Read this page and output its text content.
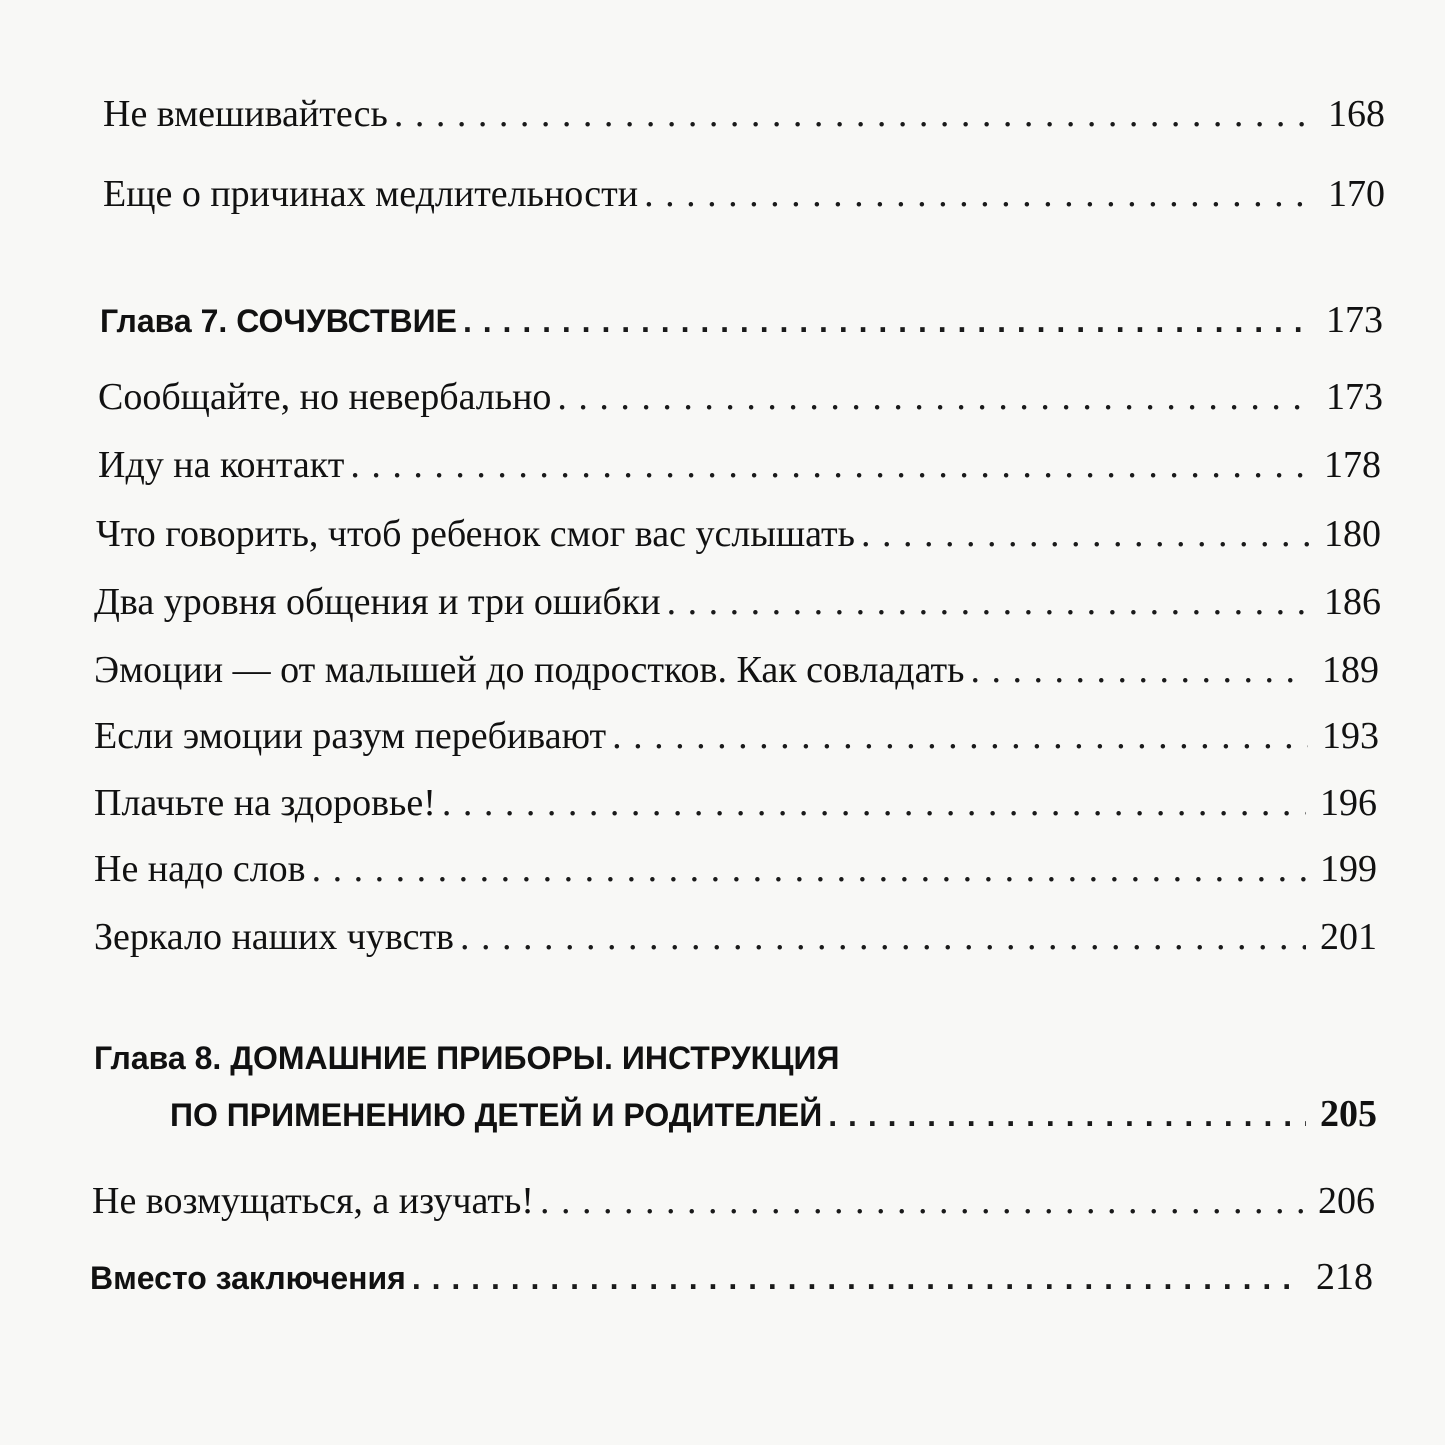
Не вмешивайтесь . . .	168
Еще о причинах медлительности . . .	170
Глава 7. СОЧУВСТВИЕ . . .	173
Сообщайте, но невербально . . .	173
Иду на контакт . . .	178
Что говорить, чтоб ребенок смог вас услышать . . .	180
Два уровня общения и три ошибки . . .	186
Эмоции — от малышей до подростков. Как совладать . . .	189
Если эмоции разум перебивают . . .	193
Плачьте на здоровье! . . .	196
Не надо слов . . .	199
Зеркало наших чувств . . .	201
Глава 8. ДОМАШНИЕ ПРИБОРЫ. ИНСТРУКЦИЯ
ПО ПРИМЕНЕНИЮ ДЕТЕЙ И РОДИТЕЛЕЙ . . .	205
Не возмущаться, а изучать! . . .	206
Вместо заключения . . .	218
